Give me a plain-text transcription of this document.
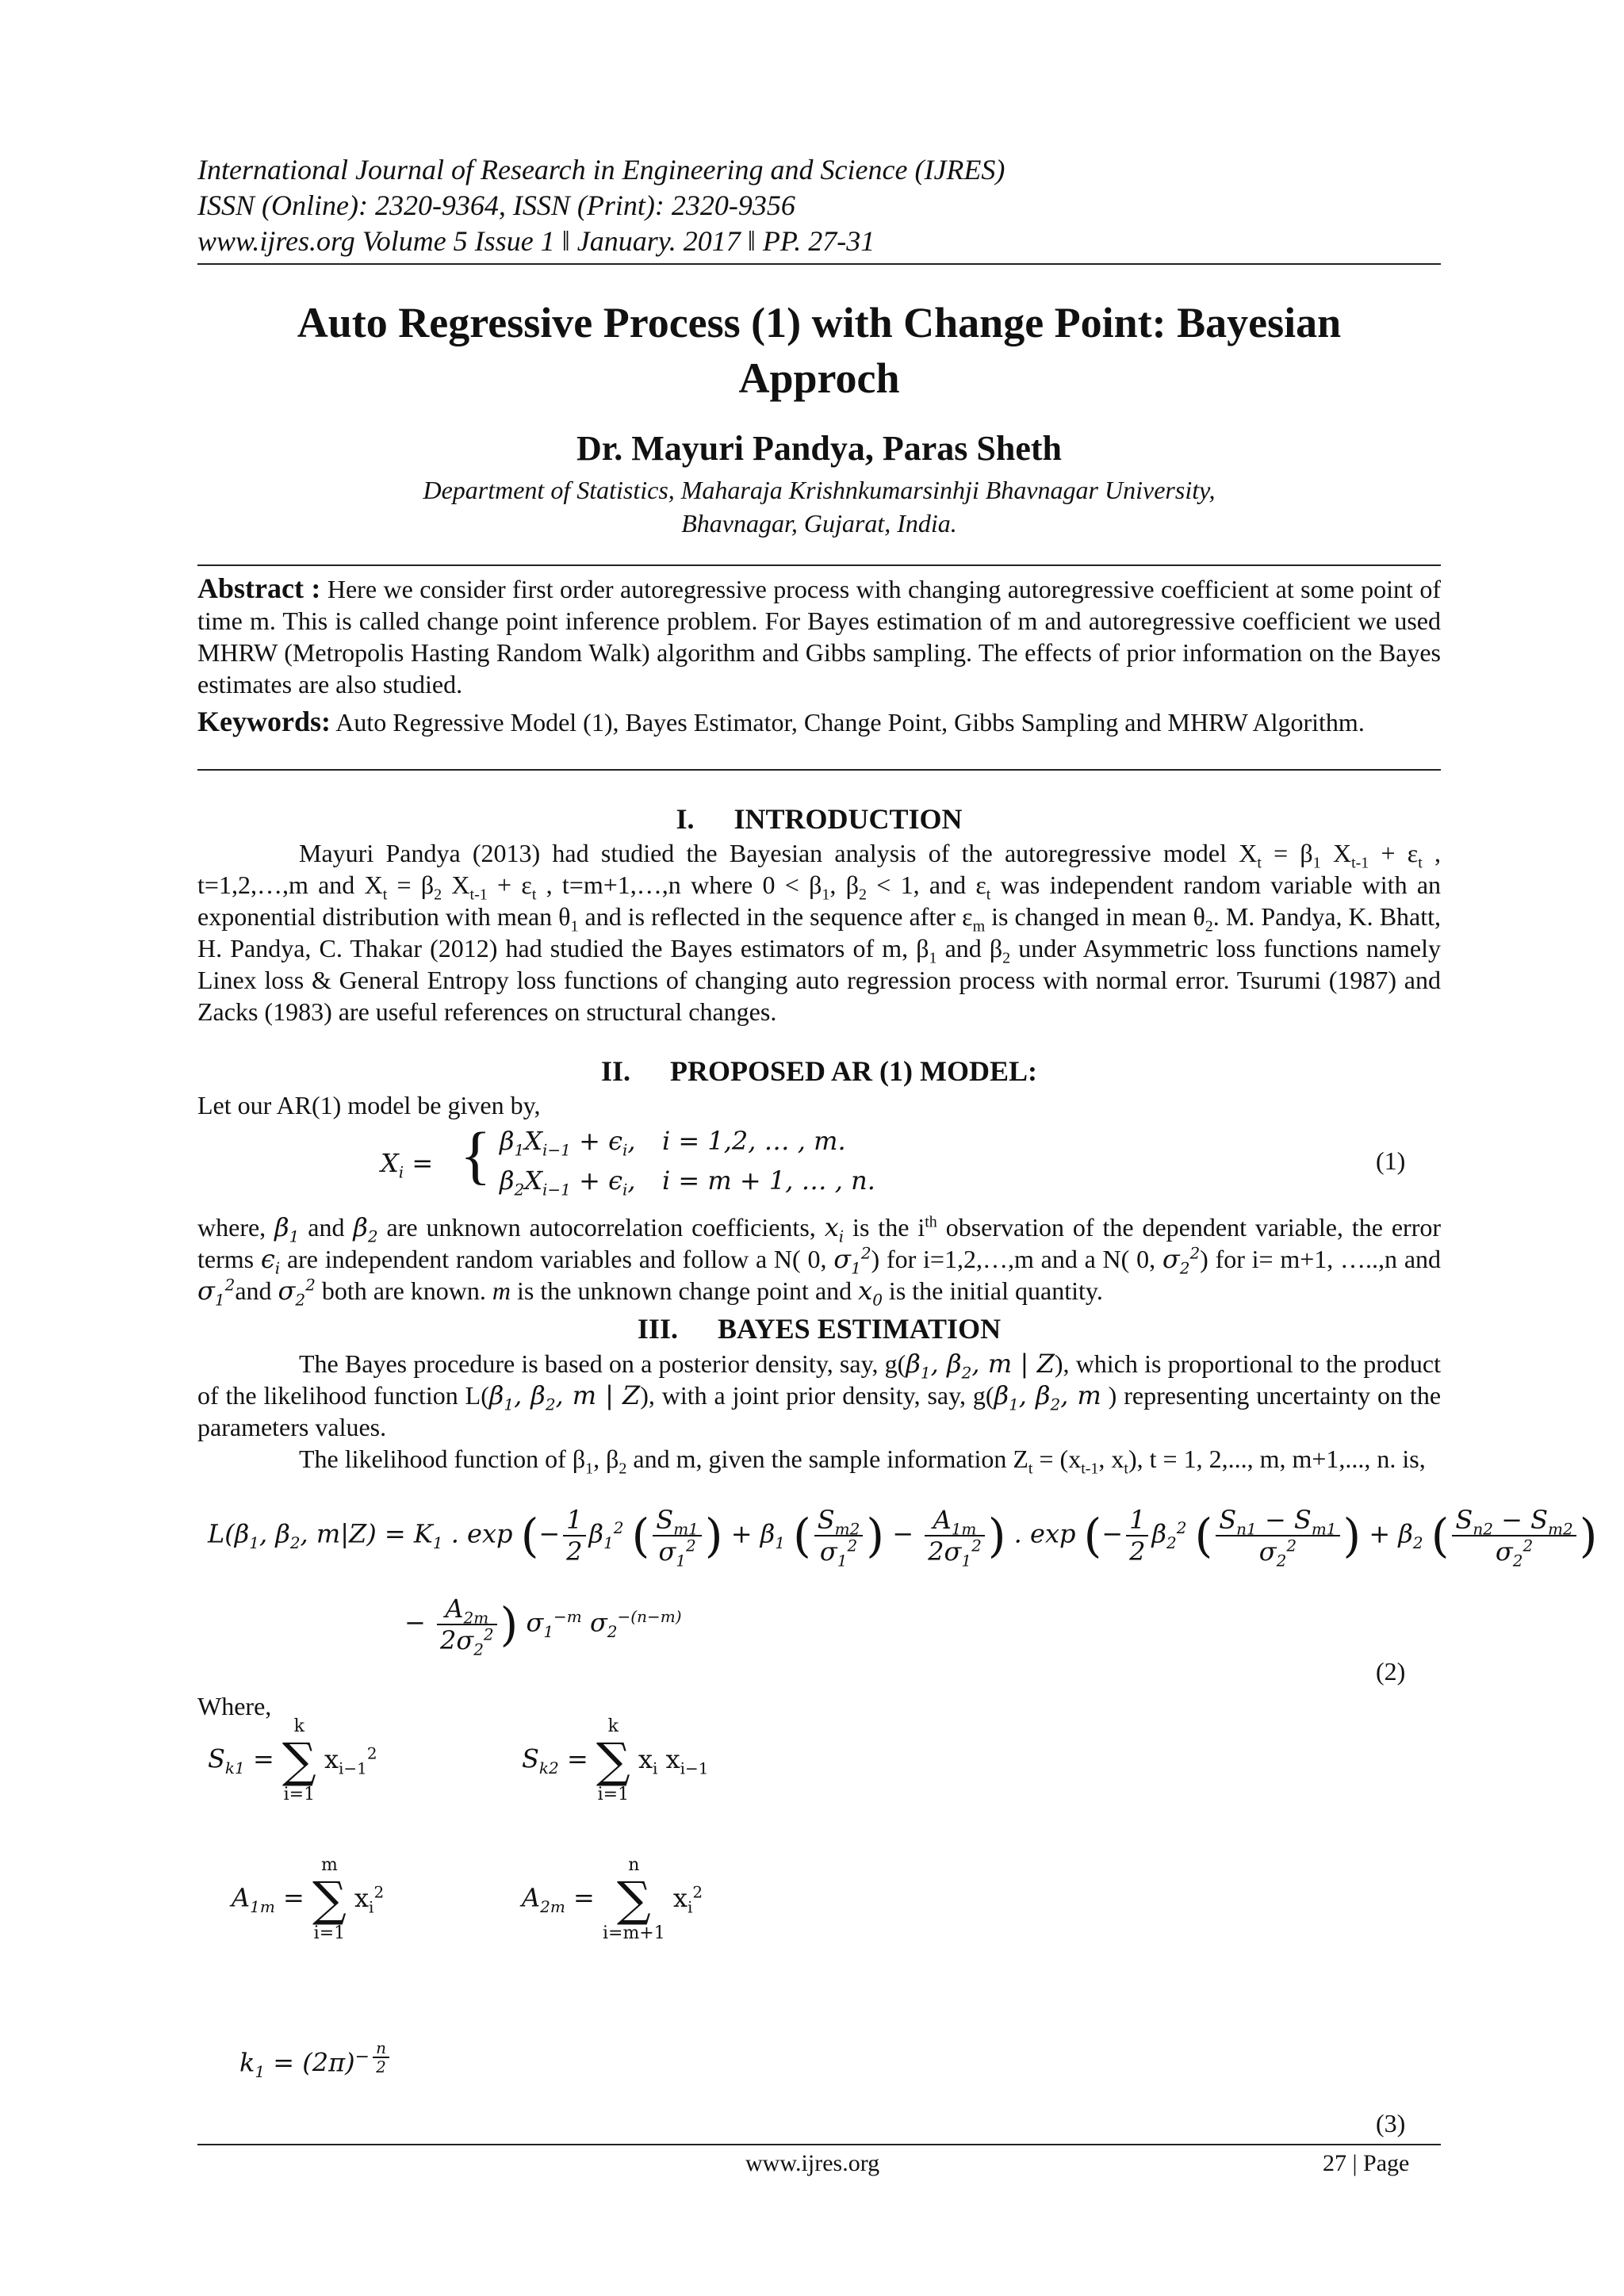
International Journal of Research in Engineering and Science (IJRES)
ISSN (Online): 2320-9364, ISSN (Print): 2320-9356
www.ijres.org Volume 5 Issue 1 ǁ January. 2017 ǁ PP. 27-31
Auto Regressive Process (1) with Change Point: Bayesian
Approch
Dr. Mayuri Pandya, Paras Sheth
Department of Statistics, Maharaja Krishnkumarsinhji Bhavnagar University,
Bhavnagar, Gujarat, India.
Abstract : Here we consider first order autoregressive process with changing autoregressive coefficient at some point of time m. This is called change point inference problem. For Bayes estimation of m and autoregressive coefficient we used MHRW (Metropolis Hasting Random Walk) algorithm and Gibbs sampling. The effects of prior information on the Bayes estimates are also studied.
Keywords: Auto Regressive Model (1), Bayes Estimator, Change Point, Gibbs Sampling and MHRW Algorithm.
I. INTRODUCTION
Mayuri Pandya (2013) had studied the Bayesian analysis of the autoregressive model $X_t = \beta_1$ $X_{t-1} + \varepsilon_t$ , t=1,2,…,m and $X_t = \beta_2$ $X_{t-1} + \varepsilon_t$ , t=m+1,…,n where $0 < \beta_1$, $\beta_2 < 1$, and $\varepsilon_t$ was independent random variable with an exponential distribution with mean $\theta_1$ and is reflected in the sequence after $\varepsilon_m$ is changed in mean $\theta_2$. M. Pandya, K. Bhatt, H. Pandya, C. Thakar (2012) had studied the Bayes estimators of m, $\beta_1$ and $\beta_2$ under Asymmetric loss functions namely Linex loss & General Entropy loss functions of changing auto regression process with normal error. Tsurumi (1987) and Zacks (1983) are useful references on structural changes.
II. PROPOSED AR (1) MODEL:
Let our AR(1) model be given by,
$X_i$ = { $\beta_1X_{i-1} + \epsilon_i$,
$\beta_2X_{i-1} + \epsilon_i$,
i = 1,2, … , m.
i = m + 1, … , n.
(1)
where, $\beta_1$ and $\beta_2$ are unknown autocorrelation coefficients, $x_i$ is the $i^{th}$ observation of the dependent variable, the error terms $\epsilon_i$ are independent random variables and follow a N( 0, $\sigma_1^2$) for i=1,2,…,m and a N( 0, $\sigma_2^2$) for i= m+1, …..,n and $\sigma_1^2and$ $\sigma_2^2$ both are known. m is the unknown change point and $x_0$ is the initial quantity.
III. BAYES ESTIMATION
The Bayes procedure is based on a posterior density, say, $g(\beta_1$, $\beta_2$, m | Z), which is proportional to the product of the likelihood function $L(\beta_1$, $\beta_2$, m | Z), with a joint prior density, say, $g(\beta_1$, $\beta_2$, m ) representing uncertainty on the parameters values.
The likelihood function of $\beta_1$, $\beta_2$ and m, given the sample information $Z_t = (x_{t-1}$, $x_t$), t = 1, 2,..., m, m+1,..., n. is,
$L(\beta_1$, $\beta_2$, $m|Z) = K_1$ . exp (− $\frac{1}{2} \beta_1^2$ ( $\frac{S_{m1}}{\sigma_1^2}$ ) + $\beta_1$ ( $\frac{S_{m2}}{\sigma_1^2}$ ) − $\frac{A_{1m}}{2\sigma_1^2}$ ) . exp (− $\frac{1}{2} \beta_2^2$ ( $\frac{S_{n1} - S_{m1}}{\sigma_2^2}$ ) + $\beta_2$ ( $\frac{S_{n2} - S_{m2}}{\sigma_2^2}$ )
− $\frac{A_{2m}}{2\sigma_2^2}$ ) $\sigma_1^{-m}$ $\sigma_2^{-(n-m)}$
(2)
Where,
$S_{k1}$ =
k
∑
i=1
$x_{i-1}^2$	$S_{k2}$ =
k
∑
i=1
$x_i$ $x_{i-1}$
$A_{1m}$ =
m
∑
i=1
$x_i^2$	$A_{2m}$ =
n
∑
i=m+1
$x_i^2$
$k_1 = (2\pi)^{- \frac{n}{2}}$
(3)
www.ijres.org	27 | Page
